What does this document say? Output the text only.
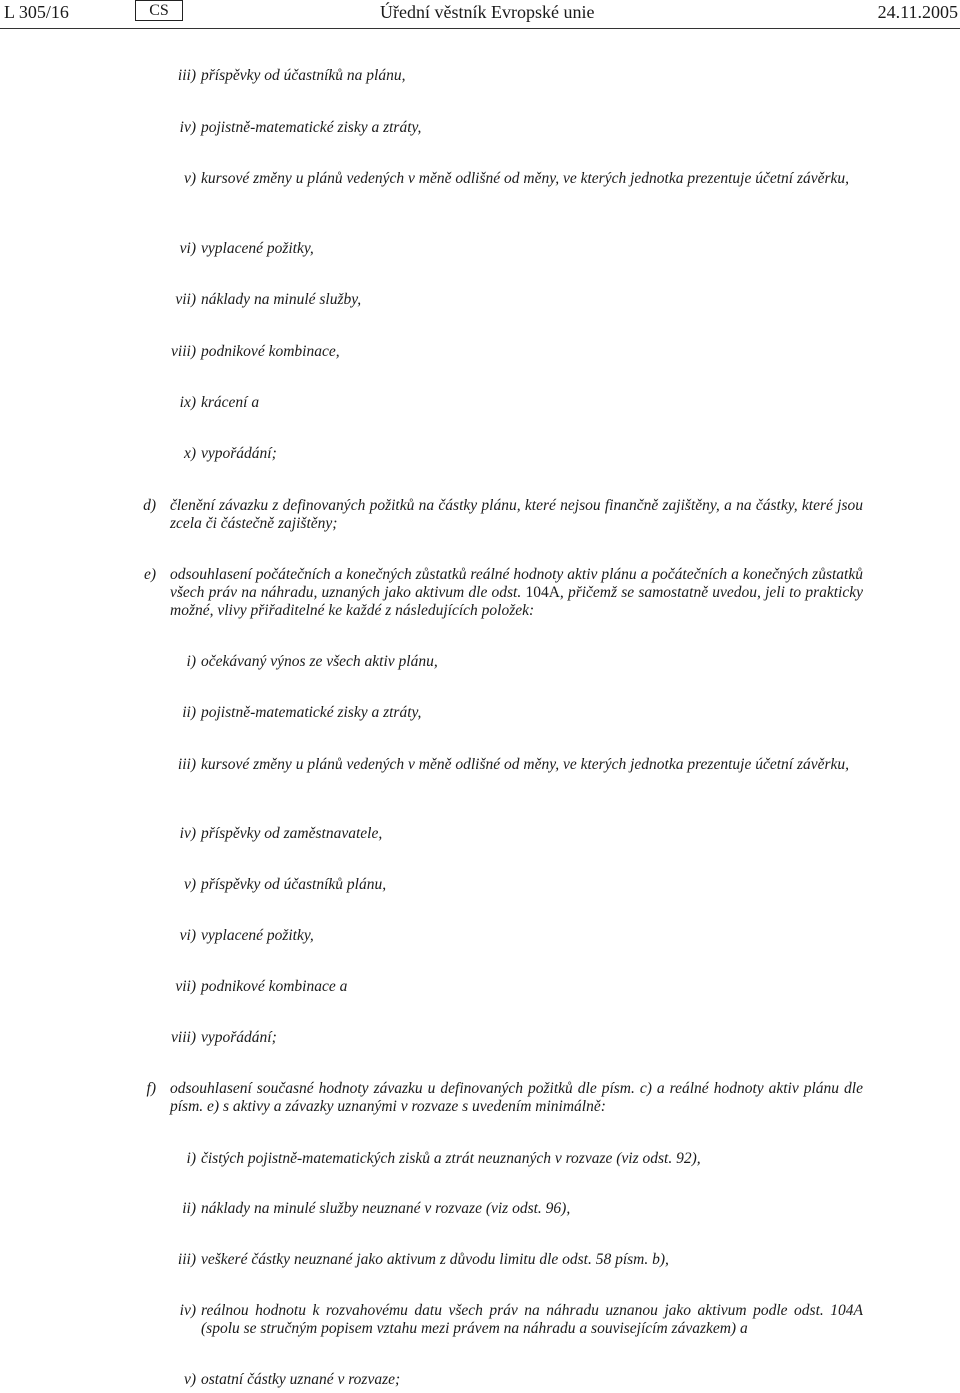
L 305/16	CS	Úřední věstník Evropské unie	24.11.2005
iii) příspěvky od účastníků na plánu,
iv) pojistně-matematické zisky a ztráty,
v) kursové změny u plánů vedených v měně odlišné od měny, ve kterých jednotka prezentuje účetní závěrku,
vi) vyplacené požitky,
vii) náklady na minulé služby,
viii) podnikové kombinace,
ix) krácení a
x) vypořádání;
d) členění závazku z definovaných požitků na částky plánu, které nejsou finančně zajištěny, a na částky, které jsou zcela či částečně zajištěny;
e) odsouhlasení počátečních a konečných zůstatků reálné hodnoty aktiv plánu a počátečních a konečných zůstatků všech práv na náhradu, uznaných jako aktivum dle odst. 104A, přičemž se samostatně uvedou, jeli to prakticky možné, vlivy přiřaditelné ke každé z následujících položek:
i) očekávaný výnos ze všech aktiv plánu,
ii) pojistně-matematické zisky a ztráty,
iii) kursové změny u plánů vedených v měně odlišné od měny, ve kterých jednotka prezentuje účetní závěrku,
iv) příspěvky od zaměstnavatele,
v) příspěvky od účastníků plánu,
vi) vyplacené požitky,
vii) podnikové kombinace a
viii) vypořádání;
f) odsouhlasení současné hodnoty závazku u definovaných požitků dle písm. c) a reálné hodnoty aktiv plánu dle písm. e) s aktivy a závazky uznanými v rozvaze s uvedením minimálně:
i) čistých pojistně-matematických zisků a ztrát neuznaných v rozvaze (viz odst. 92),
ii) náklady na minulé služby neuznané v rozvaze (viz odst. 96),
iii) veškeré částky neuznané jako aktivum z důvodu limitu dle odst. 58 písm. b),
iv) reálnou hodnotu k rozvahovému datu všech práv na náhradu uznanou jako aktivum podle odst. 104A (spolu se stručným popisem vztahu mezi právem na náhradu a souvisejícím závazkem) a
v) ostatní částky uznané v rozvaze;
